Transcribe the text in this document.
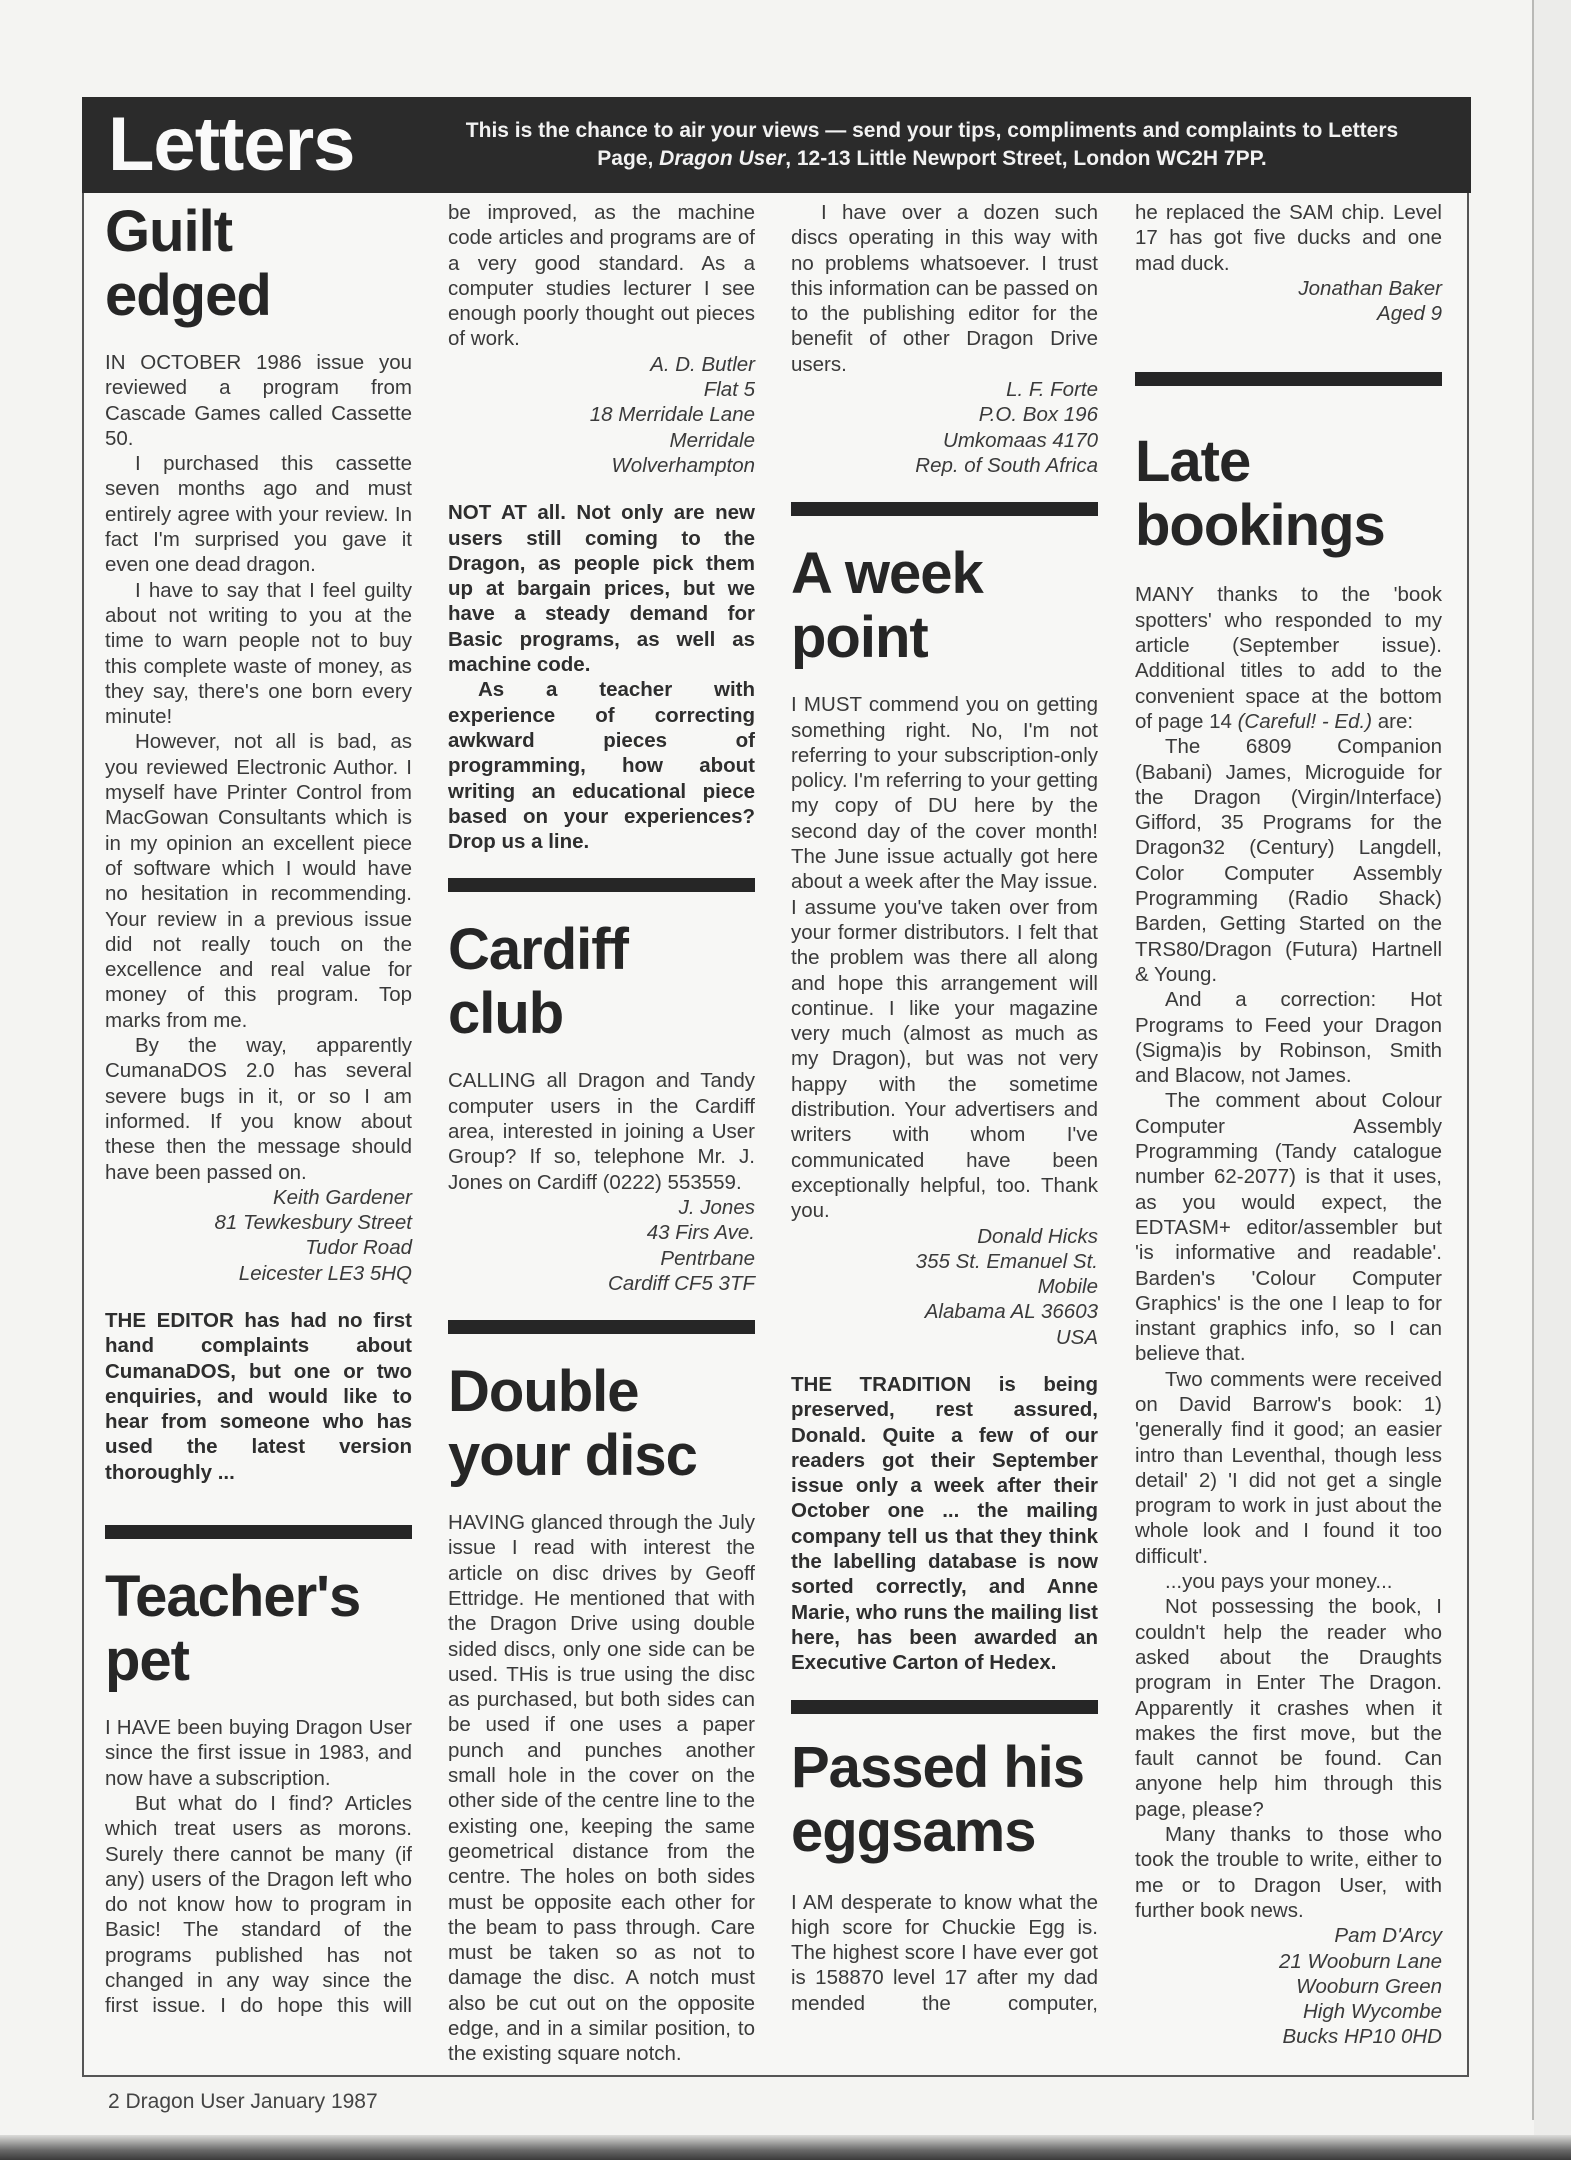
Letters	This is the chance to air your views — send your tips, compliments and complaints to Letters
Page, Dragon User, 12-13 Little Newport Street, London WC2H 7PP.
Guilt
edged

IN OCTOBER 1986 issue you reviewed a program from Cascade Games called Cassette 50.

I purchased this cassette seven months ago and must entirely agree with your review. In fact I'm surprised you gave it even one dead dragon.

I have to say that I feel guilty about not writing to you at the time to warn people not to buy this complete waste of money, as they say, there's one born every minute!

However, not all is bad, as you reviewed Electronic Author. I myself have Printer Control from MacGowan Consultants which is in my opinion an excellent piece of software which I would have no hesitation in recommending. Your review in a previous issue did not really touch on the excellence and real value for money of this program. Top marks from me.

By the way, apparently CumanaDOS 2.0 has several severe bugs in it, or so I am informed. If you know about these then the message should have been passed on.

Keith Gardener
81 Tewkesbury Street
Tudor Road
Leicester LE3 5HQ

THE EDITOR has had no first hand complaints about CumanaDOS, but one or two enquiries, and would like to hear from someone who has used the latest version thoroughly ...

Teacher's
pet

I HAVE been buying Dragon User since the first issue in 1983, and now have a subscription.

But what do I find? Articles which treat users as morons. Surely there cannot be many (if any) users of the Dragon left who do not know how to program in Basic! The standard of the programs published has not changed in any way since the first issue. I do hope this will

be improved, as the machine code articles and programs are of a very good standard. As a computer studies lecturer I see enough poorly thought out pieces of work.

A. D. Butler
Flat 5
18 Merridale Lane
Merridale
Wolverhampton

NOT AT all. Not only are new users still coming to the Dragon, as people pick them up at bargain prices, but we have a steady demand for Basic programs, as well as machine code.

As a teacher with experience of correcting awkward pieces of programming, how about writing an educational piece based on your experiences? Drop us a line.

Cardiff
club

CALLING all Dragon and Tandy computer users in the Cardiff area, interested in joining a User Group? If so, telephone Mr. J. Jones on Cardiff (0222) 553559.

J. Jones
43 Firs Ave.
Pentrbane
Cardiff CF5 3TF
Double
your disc

HAVING glanced through the July issue I read with interest the article on disc drives by Geoff Ettridge. He mentioned that with the Dragon Drive using double sided discs, only one side can be used. THis is true using the disc as purchased, but both sides can be used if one uses a paper punch and punches another small hole in the cover on the other side of the centre line to the existing one, keeping the same geometrical distance from the centre. The holes on both sides must be opposite each other for the beam to pass through. Care must be taken so as not to damage the disc. A notch must also be cut out on the opposite edge, and in a similar position, to the existing square notch.

I have over a dozen such discs operating in this way with no problems whatsoever. I trust this information can be passed on to the publishing editor for the benefit of other Dragon Drive users.

L. F. Forte
P.O. Box 196
Umkomaas 4170
Rep. of South Africa
A week
point

I MUST commend you on getting something right. No, I'm not referring to your subscription-only policy. I'm referring to your getting my copy of DU here by the second day of the cover month! The June issue actually got here about a week after the May issue. I assume you've taken over from your former distributors. I felt that the problem was there all along and hope this arrangement will continue. I like your magazine very much (almost as much as my Dragon), but was not very happy with the sometime distribution. Your advertisers and writers with whom I've communicated have been exceptionally helpful, too. Thank you.

Donald Hicks
355 St. Emanuel St.
Mobile
Alabama AL 36603
USA

THE TRADITION is being preserved, rest assured, Donald. Quite a few of our readers got their September issue only a week after their October one ... the mailing company tell us that they think the labelling database is now sorted correctly, and Anne Marie, who runs the mailing list here, has been awarded an Executive Carton of Hedex.

Passed his
eggsams

I AM desperate to know what the high score for Chuckie Egg is. The highest score I have ever got is 158870 level 17 after my dad mended the computer,

he replaced the SAM chip. Level 17 has got five ducks and one mad duck.

Jonathan Baker
Aged 9
Late
bookings

MANY thanks to the 'book spotters' who responded to my article (September issue). Additional titles to add to the convenient space at the bottom of page 14 (Careful! - Ed.) are:

The 6809 Companion (Babani) James, Microguide for the Dragon (Virgin/Interface) Gifford, 35 Programs for the Dragon32 (Century) Langdell, Color Computer Assembly Programming (Radio Shack) Barden, Getting Started on the TRS80/Dragon (Futura) Hartnell & Young.

And a correction: Hot Programs to Feed your Dragon (Sigma)is by Robinson, Smith and Blacow, not James.

The comment about Colour Computer Assembly Programming (Tandy catalogue number 62-2077) is that it uses, as you would expect, the EDTASM+ editor/assembler but 'is informative and readable'. Barden's 'Colour Computer Graphics' is the one I leap to for instant graphics info, so I can believe that.

Two comments were received on David Barrow's book: 1) 'generally find it good; an easier intro than Leventhal, though less detail' 2) 'I did not get a single program to work in just about the whole look and I found it too difficult'.

...you pays your money...

Not possessing the book, I couldn't help the reader who asked about the Draughts program in Enter The Dragon. Apparently it crashes when it makes the first move, but the fault cannot be found. Can anyone help him through this page, please?

Many thanks to those who took the trouble to write, either to me or to Dragon User, with further book news.

Pam D'Arcy
21 Wooburn Lane
Wooburn Green
High Wycombe
Bucks HP10 0HD
2 Dragon User January 1987
